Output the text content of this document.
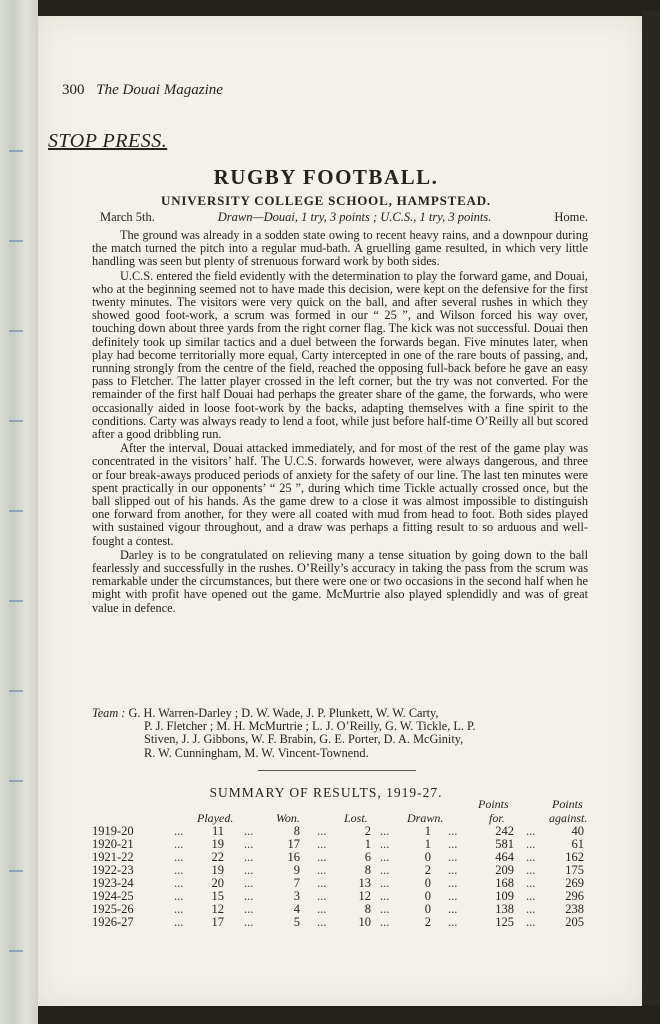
300 The Douai Magazine
STOP PRESS.
RUGBY FOOTBALL.
UNIVERSITY COLLEGE SCHOOL, HAMPSTEAD.
March 5th.	Drawn—Douai, 1 try, 3 points ; U.C.S., 1 try, 3 points.	Home.

The ground was already in a sodden state owing to recent heavy rains, and a downpour during the match turned the pitch into a regular mud-bath. A gruelling game resulted, in which very little handling was seen but plenty of strenuous forward work by both sides.

U.C.S. entered the field evidently with the determination to play the forward game, and Douai, who at the beginning seemed not to have made this decision, were kept on the defensive for the first twenty minutes. The visitors were very quick on the ball, and after several rushes in which they showed good foot-work, a scrum was formed in our “ 25 ”, and Wilson forced his way over, touching down about three yards from the right corner flag. The kick was not successful. Douai then definitely took up similar tactics and a duel between the forwards began. Five minutes later, when play had become territorially more equal, Carty intercepted in one of the rare bouts of passing, and, running strongly from the centre of the field, reached the opposing full-back before he gave an easy pass to Fletcher. The latter player crossed in the left corner, but the try was not converted. For the remainder of the first half Douai had perhaps the greater share of the game, the forwards, who were occasionally aided in loose foot-work by the backs, adapting themselves with a fine spirit to the conditions. Carty was always ready to lend a foot, while just before half-time O’Reilly all but scored after a good dribbling run.

After the interval, Douai attacked immediately, and for most of the rest of the game play was concentrated in the visitors’ half. The U.C.S. forwards however, were always dangerous, and three or four break-aways produced periods of anxiety for the safety of our line. The last ten minutes were spent practically in our opponents’ “ 25 ”, during which time Tickle actually crossed once, but the ball slipped out of his hands. As the game drew to a close it was almost impossible to distinguish one forward from another, for they were all coated with mud from head to foot. Both sides played with sustained vigour throughout, and a draw was perhaps a fitting result to so arduous and well-fought a contest.

Darley is to be congratulated on relieving many a tense situation by going down to the ball fearlessly and successfully in the rushes. O’Reilly’s accuracy in taking the pass from the scrum was remarkable under the circumstances, but there were one or two occasions in the second half when he might with profit have opened out the game. McMurtrie also played splendidly and was of great value in defence.

Team : G. H. Warren-Darley ; D. W. Wade, J. P. Plunkett, W. W. Carty,
P. J. Fletcher ; M. H. McMurtrie ; L. J. O’Reilly, G. W. Tickle, L. P.
Stiven, J. J. Gibbons, W. F. Brabin, G. E. Porter, D. A. McGinity,
R. W. Cunningham, M. W. Vincent-Townend.
SUMMARY OF RESULTS, 1919-27.
Points	Points
Played.	Won.	Lost.	Drawn.	for.	against.
1919-20	...	11 ...	8 ...	2 ...	1 ...	242 ...	40
1920-21	...	19 ...	17 ...	1 ...	1 ...	581 ...	61
1921-22	...	22 ...	16 ...	6 ...	0 ...	464 ...	162
1922-23	...	19 ...	9 ...	8 ...	2 ...	209 ...	175
1923-24	...	20 ...	7 ...	13 ...	0 ...	168 ...	269
1924-25	...	15 ...	3 ...	12 ...	0 ...	109 ...	296
1925-26	...	12 ...	4 ...	8 ...	0 ...	138 ...	238
1926-27	...	17 ...	5 ...	10 ...	2 ...	125 ...	205
